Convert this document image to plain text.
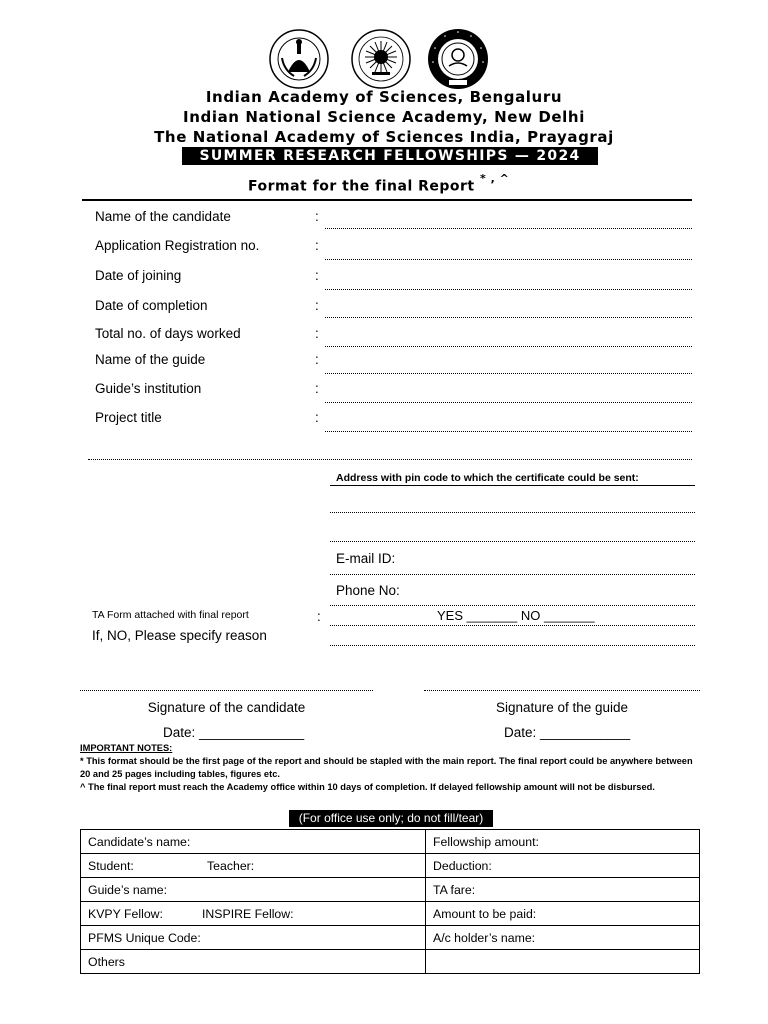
Indian Academy of Sciences, Bengaluru
Indian National Science Academy, New Delhi
The National Academy of Sciences India, Prayagraj
SUMMER RESEARCH FELLOWSHIPS — 2024
Format for the final Report * , ^
Name of the candidate	:
Application Registration no.	:
Date of joining	:
Date of completion	:
Total no. of days worked	:
Name of the guide	:
Guide’s institution	:
Project title	:
Address with pin code to which the certificate could be sent:
E-mail ID:
Phone No:
TA Form attached with final report	:	YES _______ NO _______
If, NO, Please specify reason
Signature of the candidate	Signature of the guide
Date: ______________	Date: ____________
IMPORTANT NOTES:
* This format should be the first page of the report and should be stapled with the main report. The final report could be anywhere between 20 and 25 pages including tables, figures etc.
^ The final report must reach the Academy office within 10 days of completion. If delayed fellowship amount will not be disbursed.
(For office use only; do not fill/tear)
Candidate’s name:	Fellowship amount:
Student: Teacher:	Deduction:
Guide’s name:	TA fare:
KVPY Fellow: INSPIRE Fellow:	Amount to be paid:
PFMS Unique Code:	A/c holder’s name:
Others	
